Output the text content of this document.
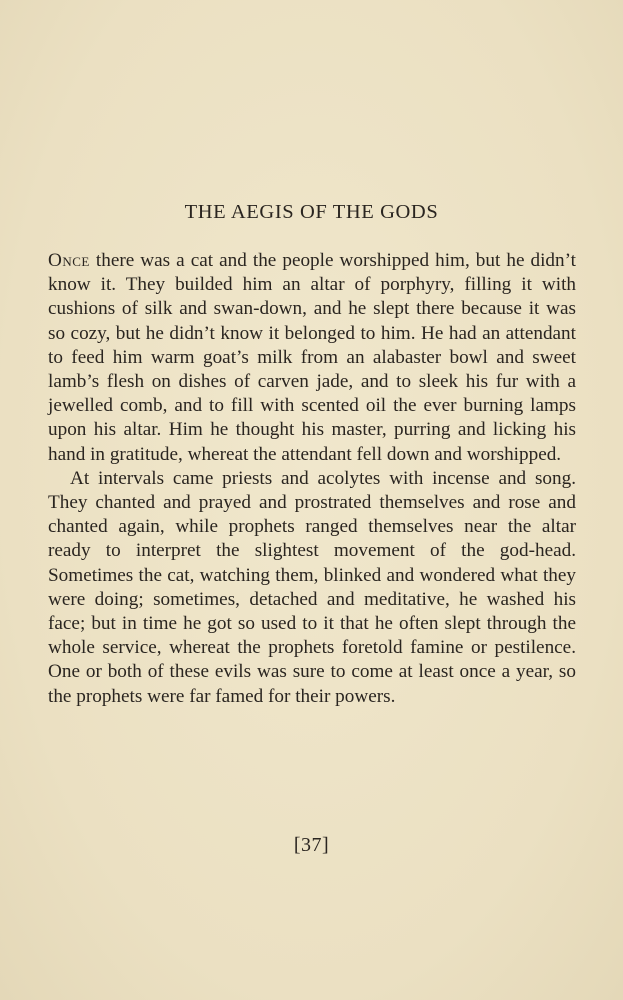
THE AEGIS OF THE GODS

Once there was a cat and the people worshipped him, but he didn’t know it. They builded him an altar of porphyry, filling it with cushions of silk and swan-down, and he slept there because it was so cozy, but he didn’t know it belonged to him. He had an attendant to feed him warm goat’s milk from an alabaster bowl and sweet lamb’s flesh on dishes of carven jade, and to sleek his fur with a jewelled comb, and to fill with scented oil the ever burning lamps upon his altar. Him he thought his master, purring and licking his hand in gratitude, whereat the attendant fell down and worshipped.

At intervals came priests and acolytes with incense and song. They chanted and prayed and prostrated themselves and rose and chanted again, while prophets ranged themselves near the altar ready to interpret the slightest movement of the god-head. Sometimes the cat, watching them, blinked and wondered what they were doing; sometimes, detached and meditative, he washed his face; but in time he got so used to it that he often slept through the whole service, whereat the prophets foretold famine or pestilence. One or both of these evils was sure to come at least once a year, so the prophets were far famed for their powers.

[37]
